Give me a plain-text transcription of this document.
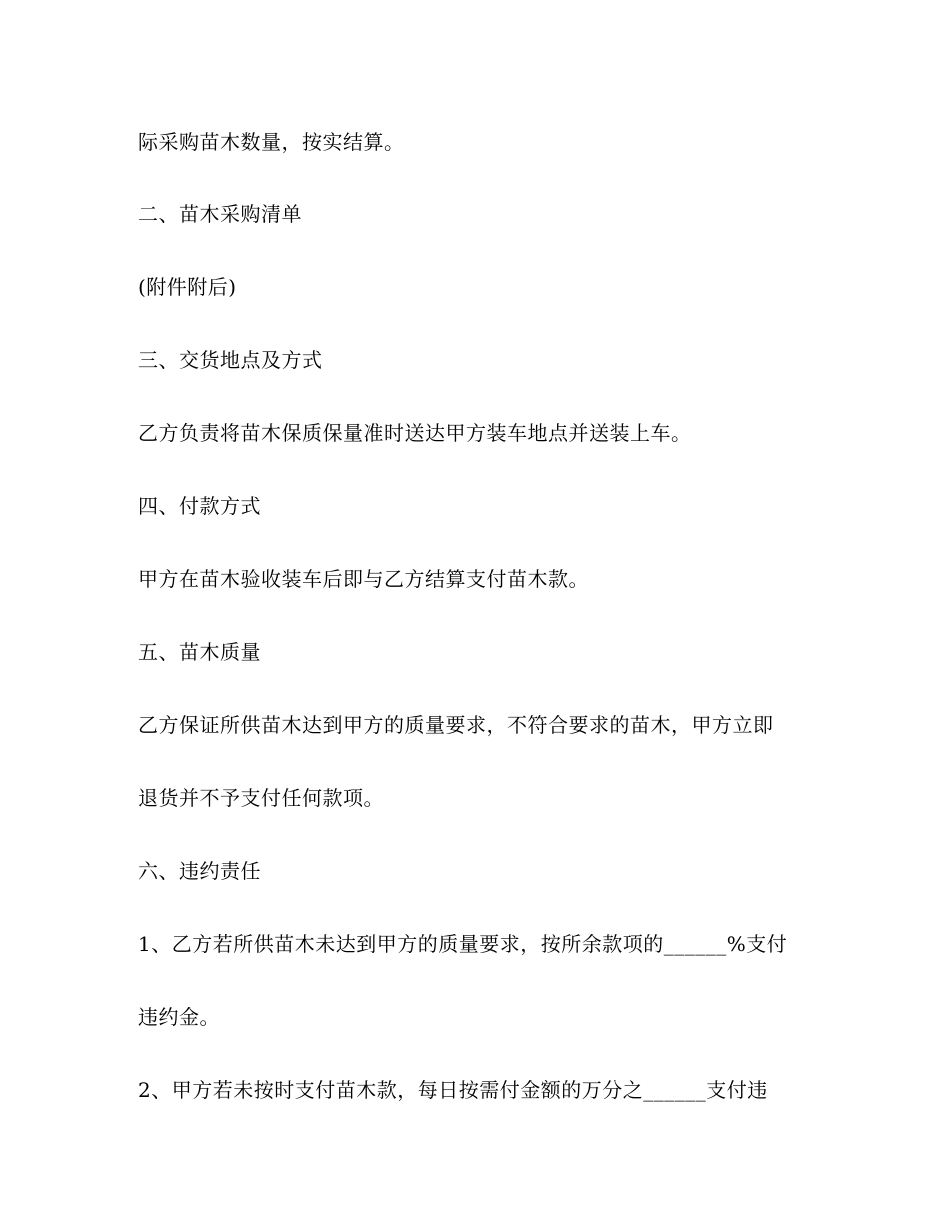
际采购苗木数量，按实结算。

二、苗木采购清单

(附件附后)

三、交货地点及方式

乙方负责将苗木保质保量准时送达甲方装车地点并送装上车。

四、付款方式

甲方在苗木验收装车后即与乙方结算支付苗木款。

五、苗木质量

乙方保证所供苗木达到甲方的质量要求，不符合要求的苗木，甲方立即

退货并不予支付任何款项。

六、违约责任

1、乙方若所供苗木未达到甲方的质量要求，按所余款项的______%支付

违约金。

2、甲方若未按时支付苗木款，每日按需付金额的万分之______支付违
